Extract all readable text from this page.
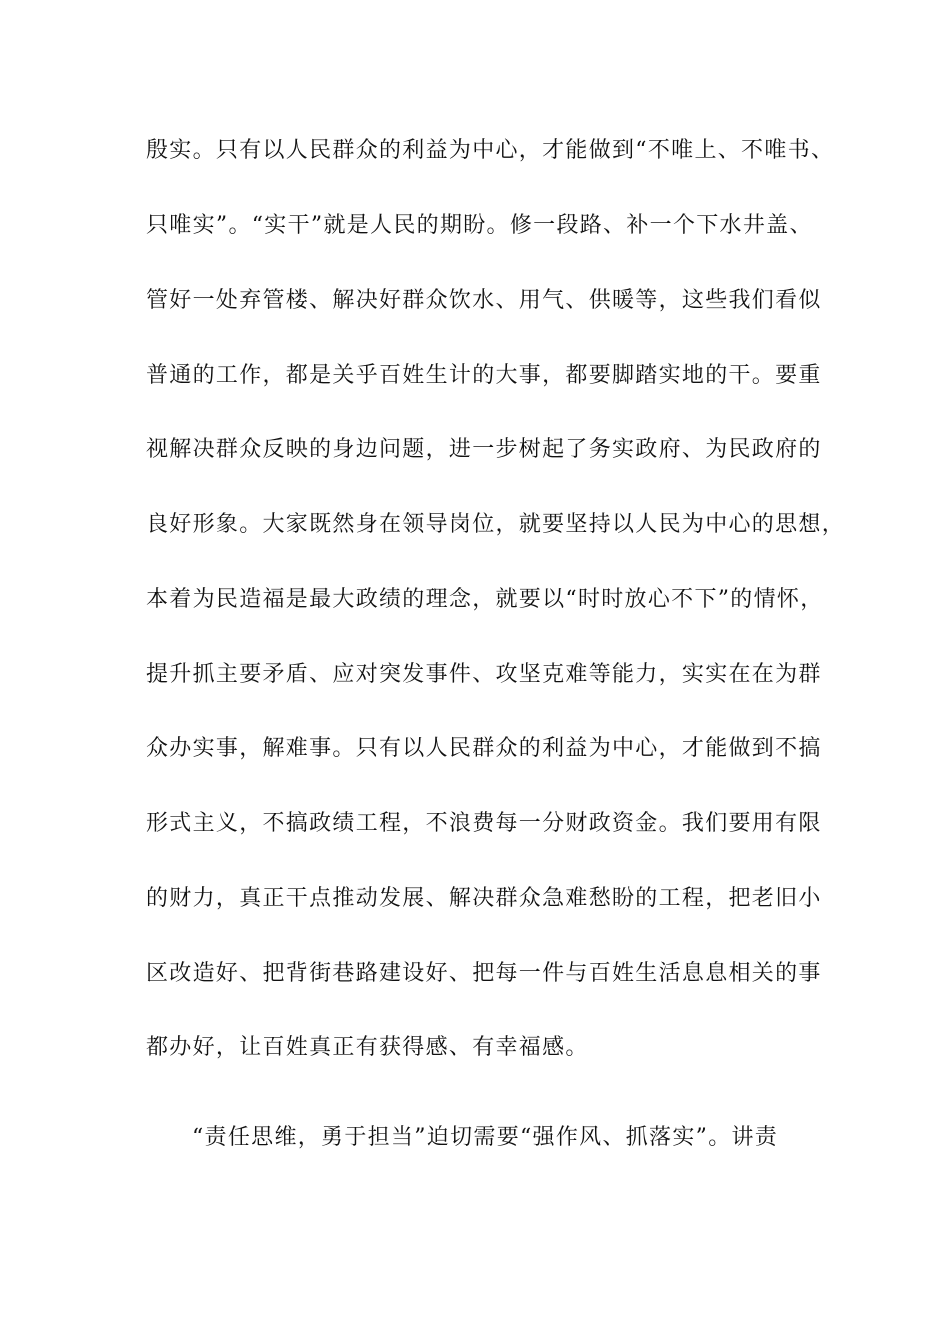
殷实。只有以人民群众的利益为中心，才能做到“不唯上、不唯书、
只唯实”。“实干”就是人民的期盼。修一段路、补一个下水井盖、
管好一处弃管楼、解决好群众饮水、用气、供暖等，这些我们看似
普通的工作，都是关乎百姓生计的大事，都要脚踏实地的干。要重
视解决群众反映的身边问题，进一步树起了务实政府、为民政府的
良好形象。大家既然身在领导岗位，就要坚持以人民为中心的思想，
本着为民造福是最大政绩的理念，就要以“时时放心不下”的情怀，
提升抓主要矛盾、应对突发事件、攻坚克难等能力，实实在在为群
众办实事，解难事。只有以人民群众的利益为中心，才能做到不搞
形式主义，不搞政绩工程，不浪费每一分财政资金。我们要用有限
的财力，真正干点推动发展、解决群众急难愁盼的工程，把老旧小
区改造好、把背街巷路建设好、把每一件与百姓生活息息相关的事
都办好，让百姓真正有获得感、有幸福感。
“责任思维，勇于担当”迫切需要“强作风、抓落实”。讲责
